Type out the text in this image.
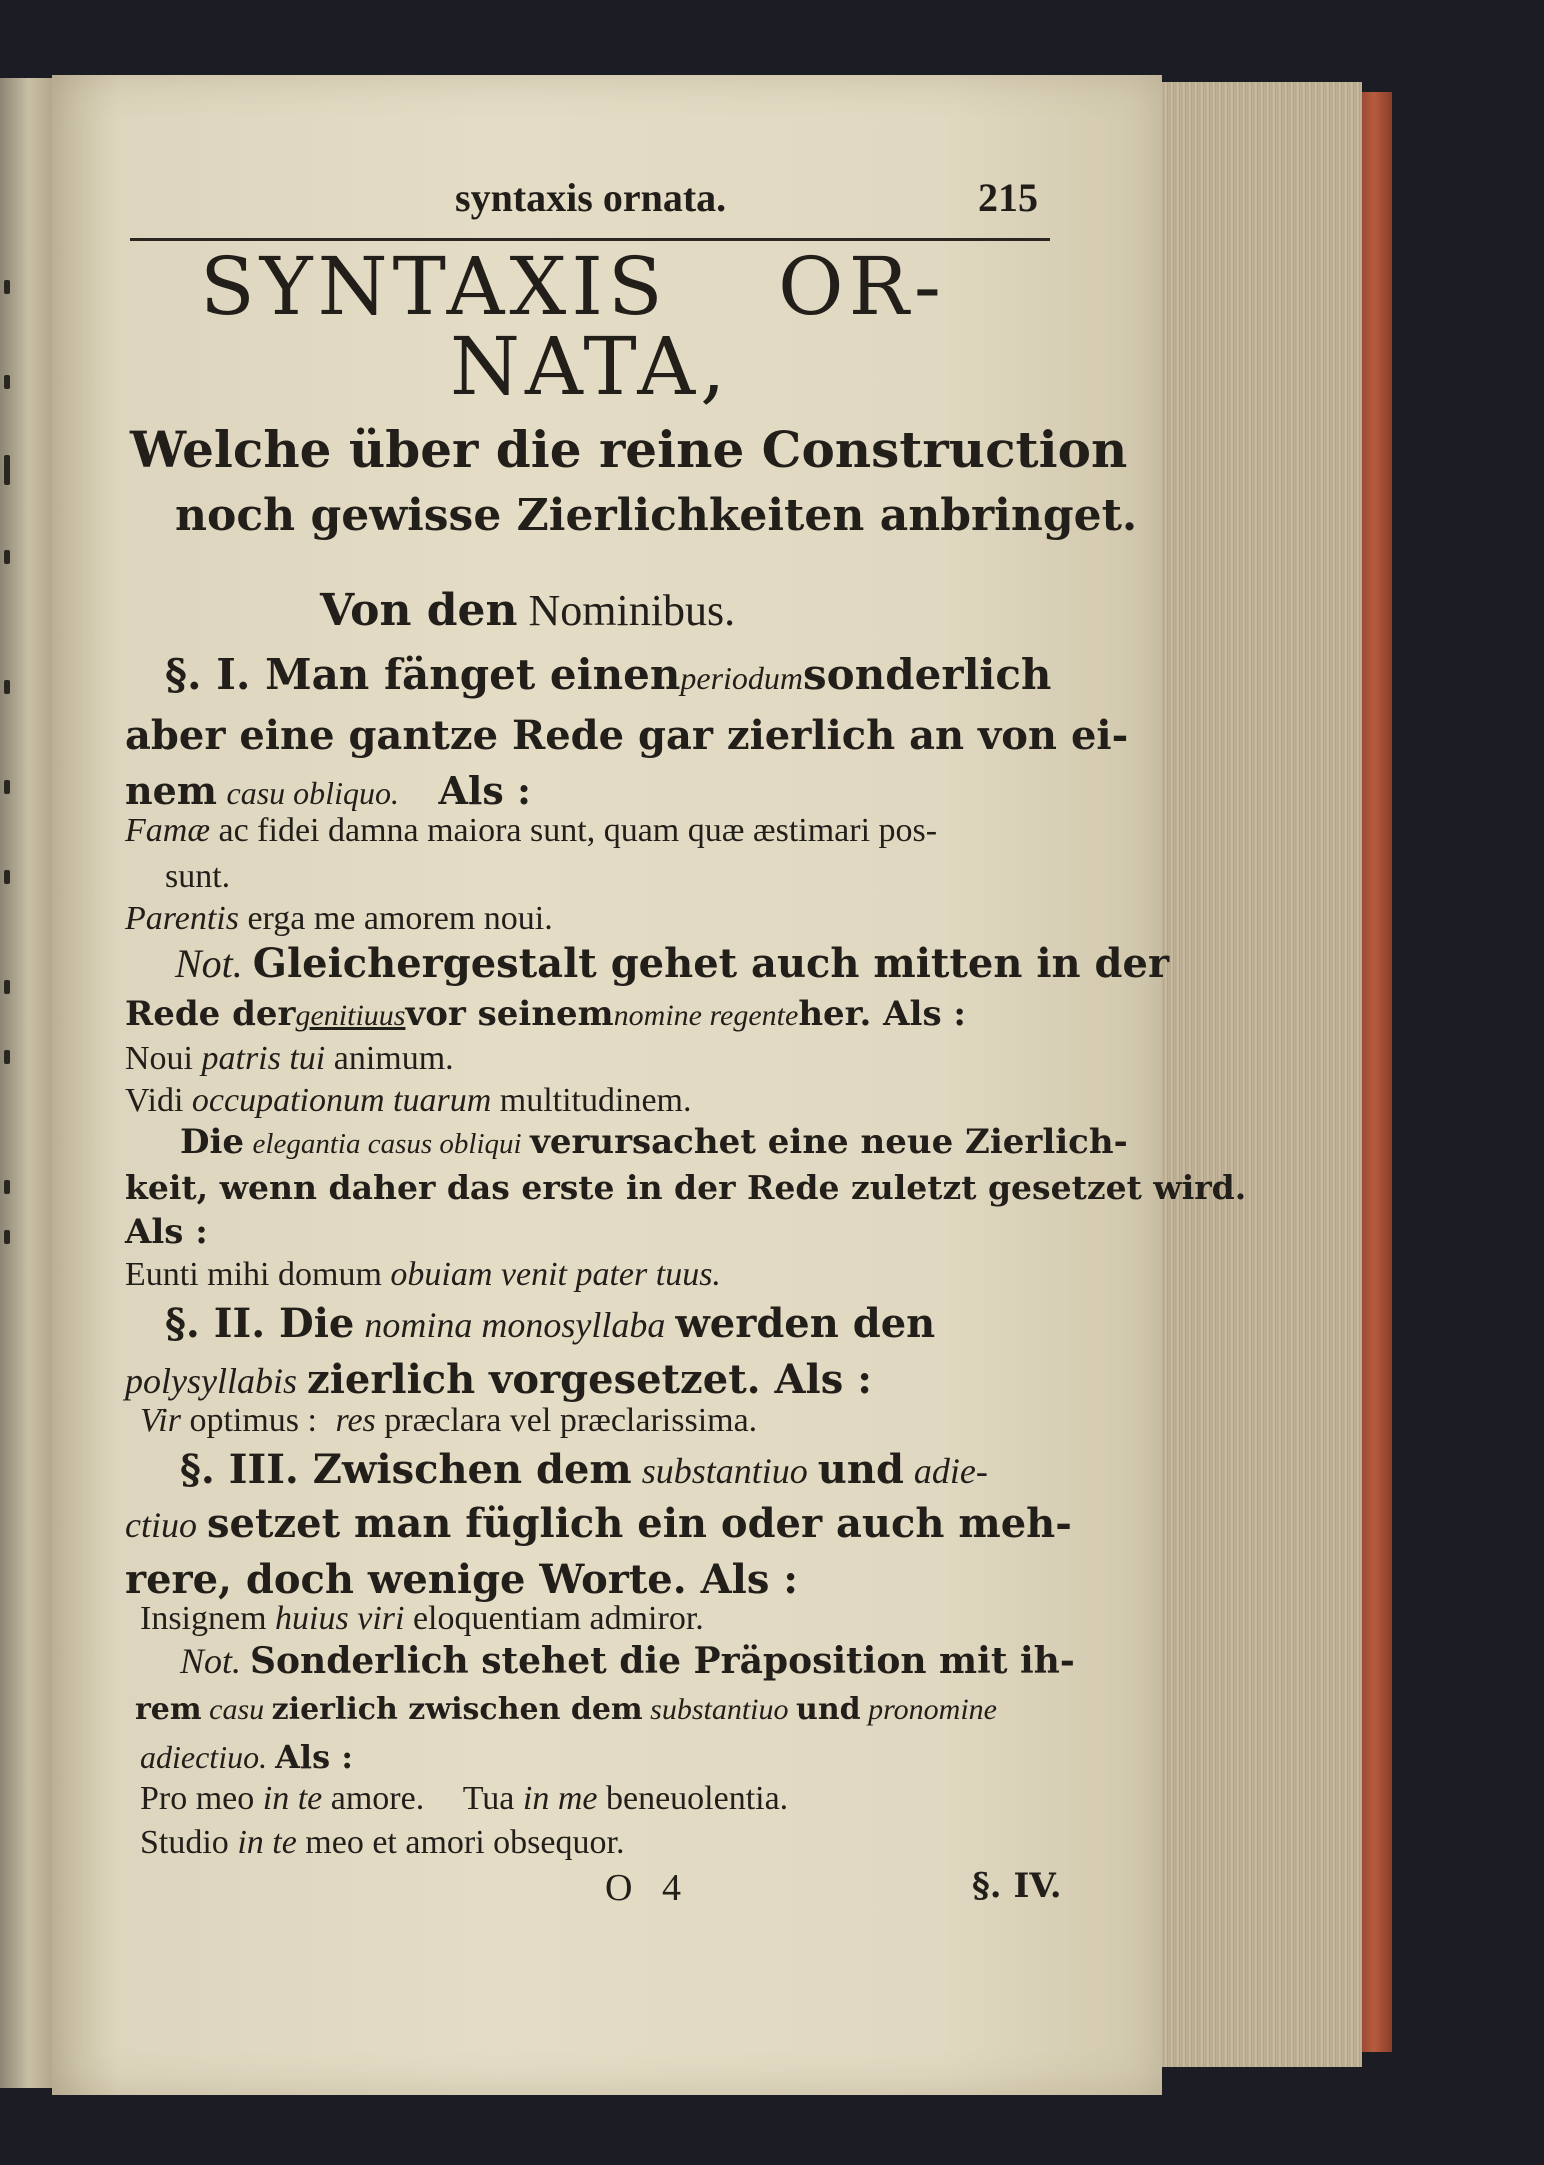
syntaxis ornata.	215
SYNTAXIS OR-
NATA,
Welche über die reine Construction
noch gewisse Zierlichkeiten anbringet.
Von den Nominibus.
§. I. Man fänget einenperiodumsonderlich
aber eine gantze Rede gar zierlich an von ei-
nem casu obliquo. Als :
Famæ ac fidei damna maiora sunt, quam quæ æstimari pos-
sunt.
Parentis erga me amorem noui.
Not. Gleichergestalt gehet auch mitten in der
Rede dergenitiuusvor seinemnomine regenteher. Als :
Noui patris tui animum.
Vidi occupationum tuarum multitudinem.
Die elegantia casus obliqui verursachet eine neue Zierlich-
keit, wenn daher das erste in der Rede zuletzt gesetzet wird.
Als :
Eunti mihi domum obuiam venit pater tuus.
§. II. Die nomina monosyllaba werden den
polysyllabis zierlich vorgesetzet. Als :
Vir optimus : res præclara vel præclarissima.
§. III. Zwischen dem substantiuo und adie-
ctiuo setzet man füglich ein oder auch meh-
rere, doch wenige Worte. Als :
Insignem huius viri eloquentiam admiror.
Not. Sonderlich stehet die Präposition mit ih-
rem casu zierlich zwischen dem substantiuo und pronomine
adiectiuo. Als :
Pro meo in te amore. Tua in me beneuolentia.
Studio in te meo et amori obsequor.
O 4	§. IV.
